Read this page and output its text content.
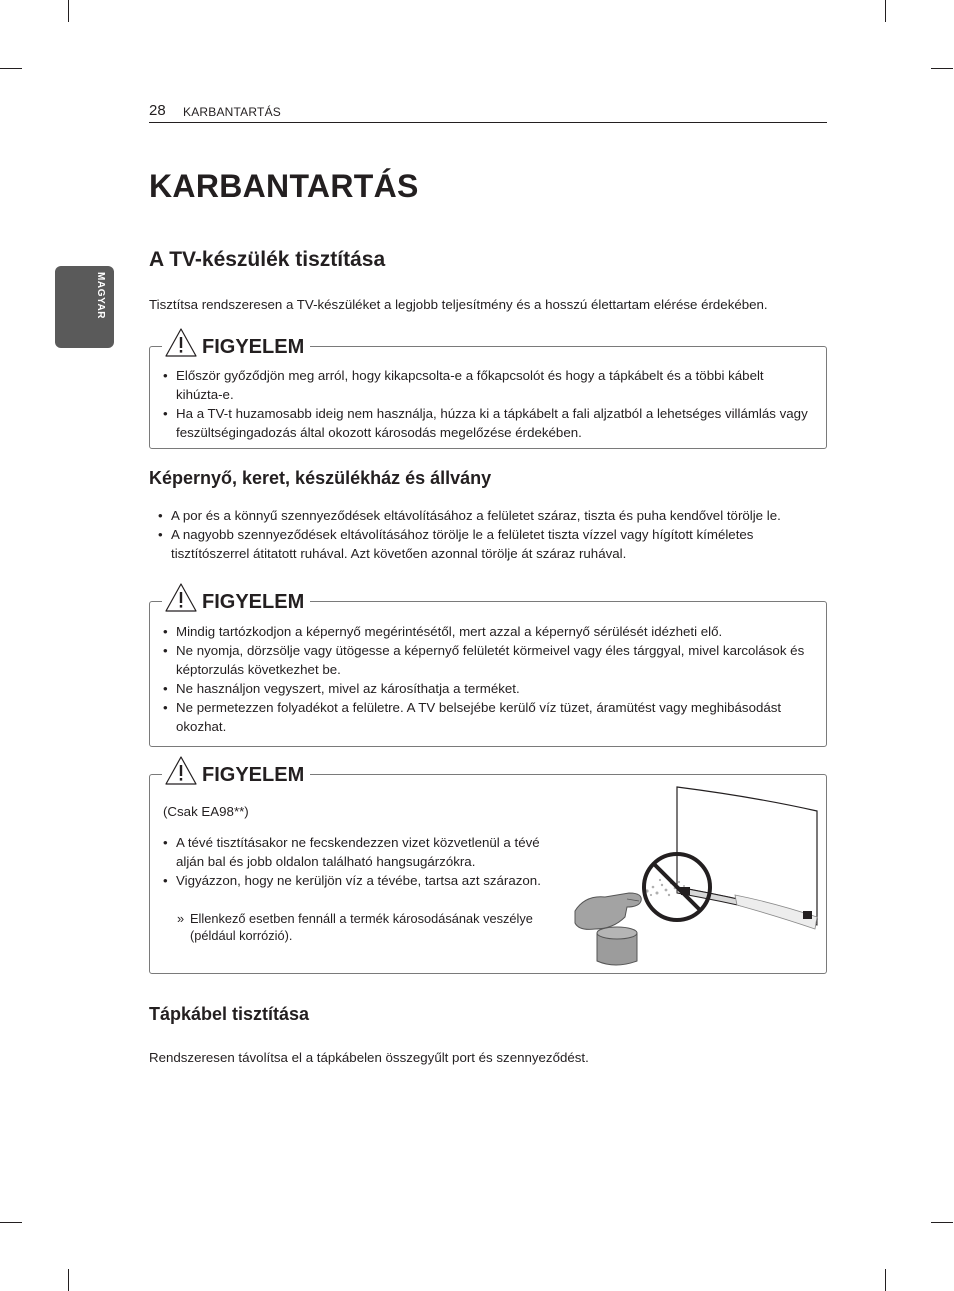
28 KARBANTARTÁS
MAGYAR
KARBANTARTÁS
A TV-készülék tisztítása

Tisztítsa rendszeresen a TV-készüléket a legjobb teljesítmény és a hosszú élettartam elérése érdekében.

FIGYELEM
• Először győződjön meg arról, hogy kikapcsolta-e a főkapcsolót és hogy a tápkábelt és a többi kábelt kihúzta-e.
• Ha a TV-t huzamosabb ideig nem használja, húzza ki a tápkábelt a fali aljzatból a lehetséges villámlás vagy feszültségingadozás által okozott károsodás megelőzése érdekében.
Képernyő, keret, készülékház és állvány
• A por és a könnyű szennyeződések eltávolításához a felületet száraz, tiszta és puha kendővel törölje le.
• A nagyobb szennyeződések eltávolításához törölje le a felületet tiszta vízzel vagy hígított kíméletes tisztítószerrel átitatott ruhával. Azt követően azonnal törölje át száraz ruhával.
FIGYELEM
• Mindig tartózkodjon a képernyő megérintésétől, mert azzal a képernyő sérülését idézheti elő.
• Ne nyomja, dörzsölje vagy ütögesse a képernyő felületét körmeivel vagy éles tárggyal, mivel karcolások és képtorzulás következhet be.
• Ne használjon vegyszert, mivel az károsíthatja a terméket.
• Ne permetezzen folyadékot a felületre. A TV belsejébe kerülő víz tüzet, áramütést vagy meghibásodást okozhat.
FIGYELEM

(Csak EA98**)

• A tévé tisztításakor ne fecskendezzen vizet közvetlenül a tévé alján bal és jobb oldalon található hangsugárzókra.
• Vigyázzon, hogy ne kerüljön víz a tévébe, tartsa azt szárazon.
» Ellenkező esetben fennáll a termék károsodásának veszélye (például korrózió).
Tápkábel tisztítása

Rendszeresen távolítsa el a tápkábelen összegyűlt port és szennyeződést.
